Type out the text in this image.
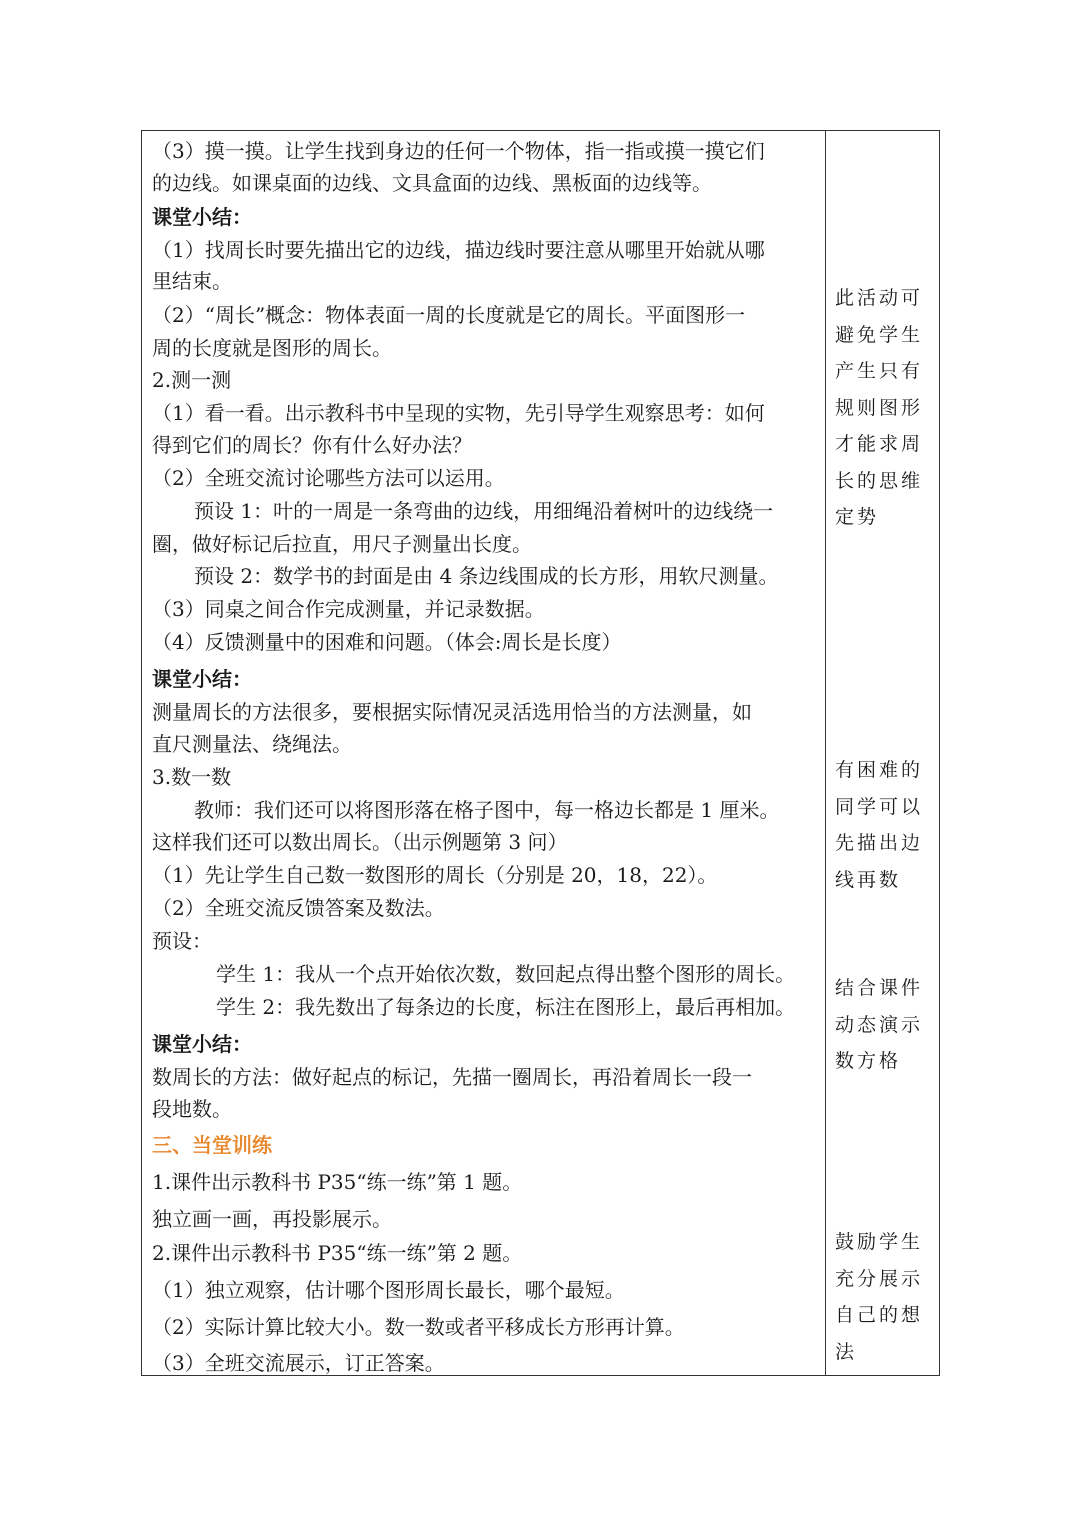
（3）摸一摸。让学生找到身边的任何一个物体，指一指或摸一摸它们
的边线。如课桌面的边线、文具盒面的边线、黑板面的边线等。
课堂小结：
（1）找周长时要先描出它的边线，描边线时要注意从哪里开始就从哪
里结束。
（2）“周长”概念：物体表面一周的长度就是它的周长。平面图形一
周的长度就是图形的周长。
2.测一测
（1）看一看。出示教科书中呈现的实物，先引导学生观察思考：如何
得到它们的周长？你有什么好办法？
（2）全班交流讨论哪些方法可以运用。
预设 1：叶的一周是一条弯曲的边线，用细绳沿着树叶的边线绕一
圈，做好标记后拉直，用尺子测量出长度。
预设 2：数学书的封面是由 4 条边线围成的长方形，用软尺测量。
（3）同桌之间合作完成测量，并记录数据。
（4）反馈测量中的困难和问题。（体会:周长是长度）
课堂小结：
测量周长的方法很多，要根据实际情况灵活选用恰当的方法测量，如
直尺测量法、绕绳法。
3.数一数
教师：我们还可以将图形落在格子图中，每一格边长都是 1 厘米。
这样我们还可以数出周长。（出示例题第 3 问）
（1）先让学生自己数一数图形的周长（分别是 20，18，22）。
（2）全班交流反馈答案及数法。
预设：
学生 1：我从一个点开始依次数，数回起点得出整个图形的周长。
学生 2：我先数出了每条边的长度，标注在图形上，最后再相加。
课堂小结：
数周长的方法：做好起点的标记，先描一圈周长，再沿着周长一段一
段地数。
三、当堂训练
1.课件出示教科书 P35“练一练”第 1 题。
独立画一画，再投影展示。
2.课件出示教科书 P35“练一练”第 2 题。
（1）独立观察，估计哪个图形周长最长，哪个最短。
（2）实际计算比较大小。数一数或者平移成长方形再计算。
（3）全班交流展示，订正答案。
此活动可避免学生产生只有规则图形才能求周长的思维定势
有困难的同学可以先描出边线再数
结合课件动态演示数方格
鼓励学生充分展示自己的想法
